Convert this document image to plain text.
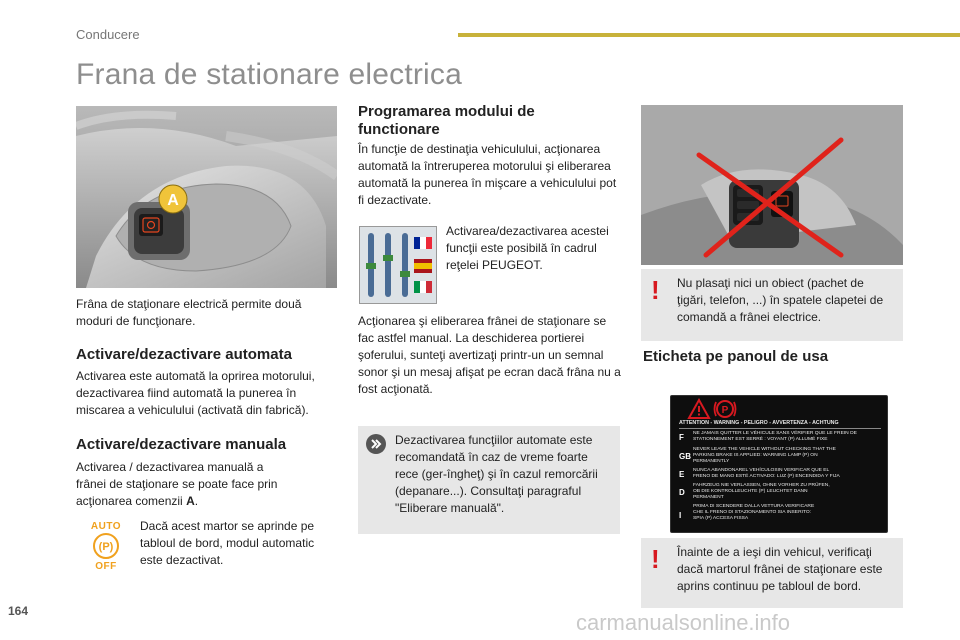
Conducere
Frana de stationare electrica
A
Frâna de staţionare electrică permite două moduri de funcţionare.
Activare/dezactivare automata
Activarea este automată la oprirea motorului, dezactivarea fiind automată la punerea în miscarea a vehiculului (activată din fabrică).
Activare/dezactivare manuala
Activarea / dezactivarea manuală a frânei de staţionare se poate face prin acţionarea comenzii A.
AUTO
(P)
OFF
Dacă acest martor se aprinde pe tabloul de bord, modul automatic este dezactivat.
Programarea modului de functionare
În funcţie de destinaţia vehiculului, acţionarea automată la întreruperea motorului şi eliberarea automată la punerea în mişcare a vehiculului pot fi dezactivate.
Activarea/dezactivarea acestei funcţii este posibilă în cadrul reţelei PEUGEOT.
Acţionarea şi eliberarea frânei de staţionare se fac astfel manual. La deschiderea portierei şoferului, sunteţi avertizaţi printr-un un semnal sonor şi un mesaj afişat pe ecran dacă frâna nu a fost acţionată.
Dezactivarea funcţiilor automate este recomandată în caz de vreme foarte rece (ger-îngheţ) şi în cazul remorcării (depanare...). Consultaţi paragraful "Eliberare manuală".
! Nu plasaţi nici un obiect (pachet de ţigări, telefon, ...) în spatele clapetei de comandă a frânei electrice.
Eticheta pe panoul de usa
P
ATTENTION - WARNING - PELIGRO - AVVERTENZA - ACHTUNG
F NE JAMAIS QUITTER LE VÉHICULE SANS VÉRIFIER QUE LE FREIN DE
STATIONNEMENT EST SERRÉ : VOYANT (P) ALLUMÉ FIXE
GB
NEVER LEAVE THE VEHICLE WITHOUT CHECKING THAT THE
PARKING BRAKE IS APPLIED: WARNING LAMP (P) ON
PERMANENTLY
E NUNCA ABANDONAREL VEHÍCULOSIN VERIFICAR QUE EL
FRENO DE MANO ESTÉ ACTIVADO: LUZ (P) ENCENDIDA Y FIJA
D
FAHRZEUG NIE VERLASSEN, OHNE VORHER ZU PRÜFEN,
OB DIE KONTROLLEUCHTE (P) LEUCHTET DANN
PERMANENT
I
PRIMA DI SCENDERE DALLA VETTURA VERIFICARE
CHE IL FRENO DI STAZIONAMENTO SIA INSERITO:
SPIA (P) ACCESA FISSA
! Înainte de a ieşi din vehicul, verificaţi dacă martorul frânei de staţionare este aprins continuu pe tabloul de bord.
164	carmanualsonline.info
